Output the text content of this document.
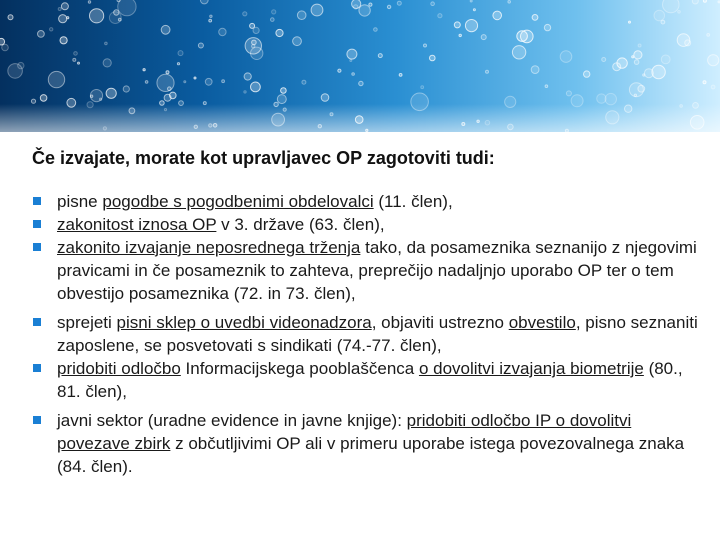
Če izvajate, morate kot upravljavec OP zagotoviti tudi:
pisne pogodbe s pogodbenimi obdelovalci (11. člen),
zakonitost iznosa OP v 3. države (63. člen),
zakonito izvajanje neposrednega trženja tako, da posameznika seznanijo z njegovimi pravicami in če posameznik to zahteva, preprečijo nadaljnjo uporabo OP ter o tem obvestijo posameznika (72. in 73. člen),
sprejeti pisni sklep o uvedbi videonadzora, objaviti ustrezno obvestilo, pisno seznaniti zaposlene, se posvetovati s sindikati (74.-77. člen),
pridobiti odločbo Informacijskega pooblaščenca o dovolitvi izvajanja biometrije (80., 81. člen),
javni sektor (uradne evidence in javne knjige): pridobiti odločbo IP o dovolitvi povezave zbirk z občutljivimi OP ali v primeru uporabe istega povezovalnega znaka (84. člen).
